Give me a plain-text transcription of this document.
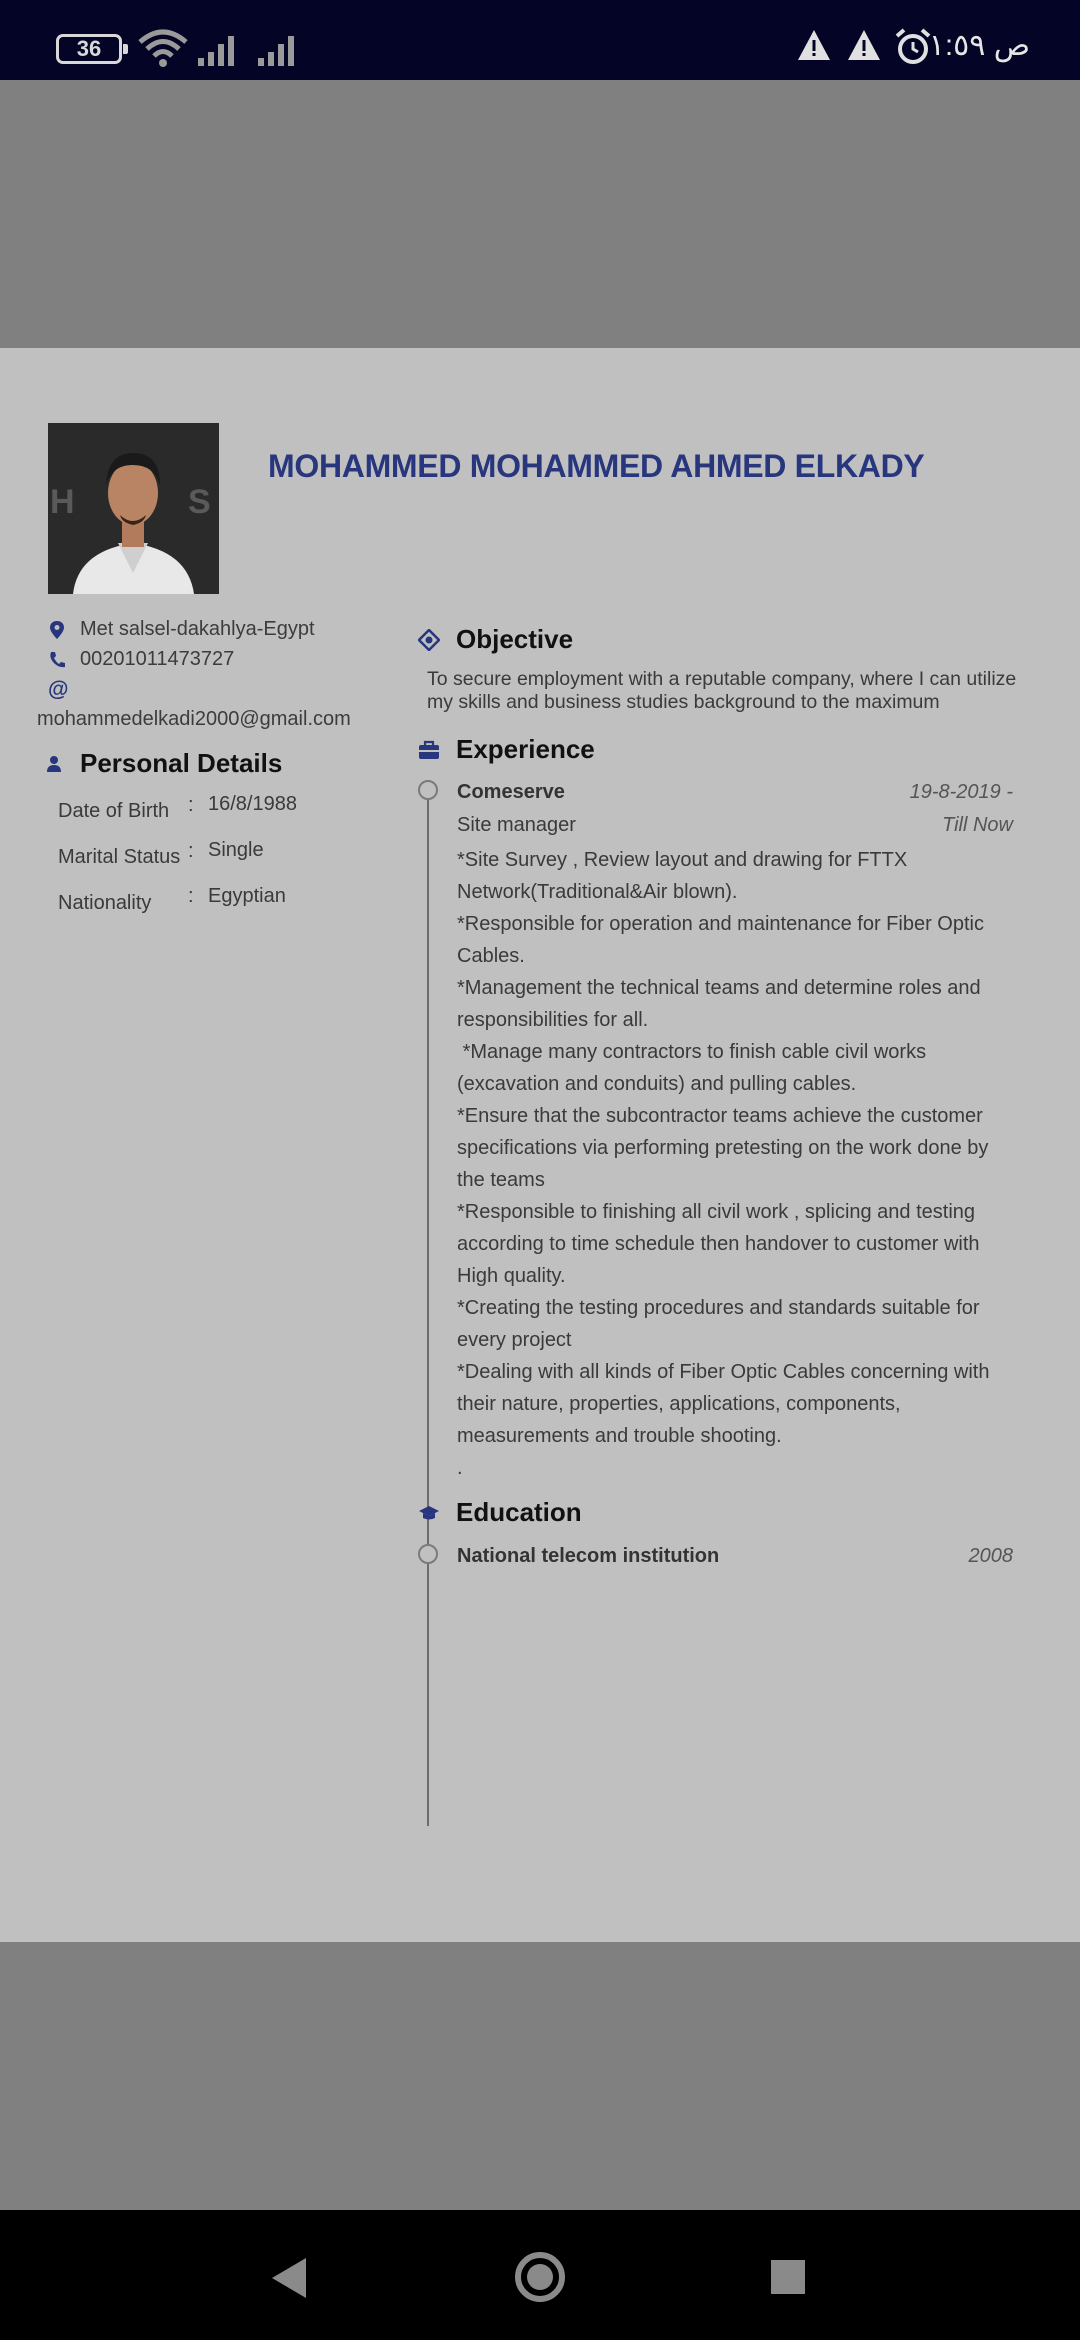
36	ص ١:٥٩
H	S
MOHAMMED MOHAMMED AHMED ELKADY
Met salsel-dakahlya-Egypt
00201011473727
@
mohammedelkadi2000@gmail.com
Personal Details
Date of Birth : 16/8/1988
Marital Status : Single
Nationality : Egyptian
Objective
To secure employment with a reputable company, where I can utilize my skills and business studies background to the maximum
Experience
Comeserve	19-8-2019 -
Site manager	Till Now
*Site Survey , Review layout and drawing for FTTX Network(Traditional&Air blown).
*Responsible for operation and maintenance for Fiber Optic Cables.
*Management the technical teams and determine roles and responsibilities for all.
*Manage many contractors to finish cable civil works (excavation and conduits) and pulling cables.
*Ensure that the subcontractor teams achieve the customer specifications via performing pretesting on the work done by the teams
*Responsible to finishing all civil work , splicing and testing according to time schedule then handover to customer with High quality.
*Creating the testing procedures and standards suitable for every project
*Dealing with all kinds of Fiber Optic Cables concerning with their nature, properties, applications, components, measurements and trouble shooting.
.
Education
National telecom institution	2008
